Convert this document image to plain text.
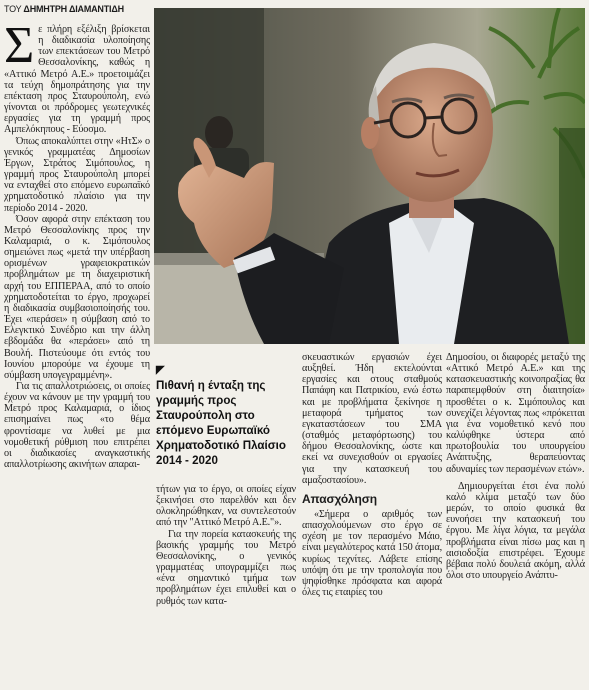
ΤΟΥ ΔΗΜΗΤΡΗ ΔΙΑΜΑΝΤΙΔΗ

Σε πλήρη εξέλιξη βρίσκεται η διαδικασία υλοποίησης των επεκτάσεων του Μετρό Θεσσαλονίκης, καθώς η «Αττικό Μετρό Α.Ε.» προετοιμάζει τα τεύχη δημοπράτησης για την επέκταση προς Σταυρούπολη, ενώ γίνονται οι πρόδρομες γεωτεχνικές εργασίες για τη γραμμή προς Αμπελόκηπους - Εύοσμο.

Όπως αποκαλύπτει στην «ΗτΣ» ο γενικός γραμματέας Δημοσίων Έργων, Στράτος Σιμόπουλος, η γραμμή προς Σταυρούπολη μπορεί να ενταχθεί στο επόμενο ευρωπαϊκό χρηματοδοτικό πλαίσιο για την περίοδο 2014 - 2020.

Όσον αφορά στην επέκταση του Μετρό Θεσσαλονίκης προς την Καλαμαριά, ο κ. Σιμόπουλος σημειώνει πως «μετά την υπέρβαση ορισμένων γραφειοκρατικών προβλημάτων με τη διαχειριστική αρχή του ΕΠΠΕΡΑΑ, από το οποίο χρηματοδοτείται το έργο, προχωρεί η διαδικασία συμβασιοποίησής του. Έχει «περάσει» η σύμβαση από το Ελεγκτικό Συνέδριο και την άλλη εβδομάδα θα «περάσει» από τη Βουλή. Πιστεύουμε ότι εντός του Ιουνίου μπορούμε να έχουμε τη σύμβαση υπογεγραμμένη».

Για τις απαλλοτριώσεις, οι οποίες έχουν να κάνουν με την γραμμή του Μετρό προς Καλαμαριά, ο ίδιος επισημαίνει πως «το θέμα φροντίσαμε να λυθεί με μια νομοθετική ρύθμιση που επιτρέπει οι διαδικασίες αναγκαστικής απαλλοτρίωσης ακινήτων απαραι-

◤
Πιθανή η ένταξη της γραμμής προς Σταυρούπολη στο επόμενο Ευρωπαϊκό Χρηματοδοτικό Πλαίσιο 2014 - 2020

τήτων για το έργο, οι οποίες είχαν ξεκινήσει στο παρελθόν και δεν ολοκληρώθηκαν, να συντελεστούν από την "Αττικό Μετρό Α.Ε."».

Για την πορεία κατασκευής της βασικής γραμμής του Μετρό Θεσσαλονίκης, ο γενικός γραμματέας υπογραμμίζει πως «ένα σημαντικό τμήμα των προβλημάτων έχει επιλυθεί και ο ρυθμός των κατα-

σκευαστικών εργασιών έχει αυξηθεί. Ήδη εκτελούνται εργασίες και στους σταθμούς Παπάφη και Πατρικίου, ενώ έστω και με προβλήματα ξεκίνησε η μεταφορά τμήματος των εγκαταστάσεων του ΣΜΑ (σταθμός μεταφόρτωσης) του δήμου Θεσσαλονίκης, ώστε και εκεί να συνεχισθούν οι εργασίες για την κατασκευή του αμαξοστασίου».

Απασχόληση

«Σήμερα ο αριθμός των απασχολούμενων στο έργο σε σχέση με τον περασμένο Μάιο, είναι μεγαλύτερος κατά 150 άτομα, κυρίως τεχνίτες. Λάβετε επίσης υπόψη ότι με την τροπολογία που ψηφίσθηκε πρόσφατα και αφορά όλες τις εταιρίες του

Δημοσίου, οι διαφορές μεταξύ της «Αττικό Μετρό Α.Ε.» και της κατασκευαστικής κοινοπραξίας θα παραπεμφθούν στη διαιτησία» προσθέτει ο κ. Σιμόπουλος και συνεχίζει λέγοντας πως «πρόκειται για ένα νομοθετικό κενό που καλύφθηκε ύστερα από πρωτοβουλία του υπουργείου Ανάπτυξης, θεραπεύοντας αδυναμίες των περασμένων ετών».

Δημιουργείται έτσι ένα πολύ καλό κλίμα μεταξύ των δύο μερών, το οποίο φυσικά θα ευνοήσει την κατασκευή του έργου. Με λίγα λόγια, τα μεγάλα προβλήματα είναι πίσω μας και η αισιοδοξία επιστρέφει. Έχουμε βέβαια πολύ δουλειά ακόμη, αλλά όλοι στο υπουργείο Ανάπτυ-
